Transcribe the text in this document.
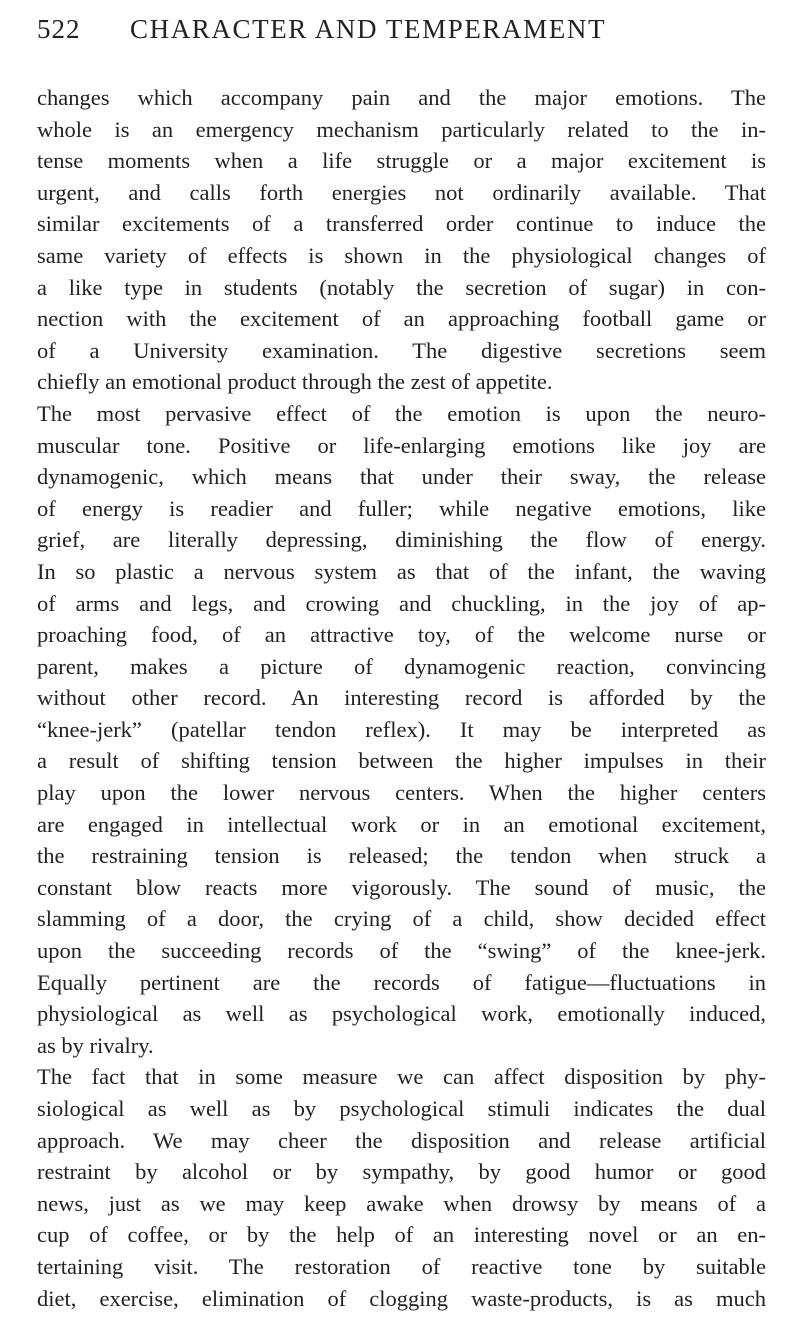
522 CHARACTER AND TEMPERAMENT
changes which accompany pain and the major emotions. The
whole is an emergency mechanism particularly related to the in-
tense moments when a life struggle or a major excitement is
urgent, and calls forth energies not ordinarily available. That
similar excitements of a transferred order continue to induce the
same variety of effects is shown in the physiological changes of
a like type in students (notably the secretion of sugar) in con-
nection with the excitement of an approaching football game or
of a University examination. The digestive secretions seem
chiefly an emotional product through the zest of appetite.
The most pervasive effect of the emotion is upon the neuro-
muscular tone. Positive or life-enlarging emotions like joy are
dynamogenic, which means that under their sway, the release
of energy is readier and fuller; while negative emotions, like
grief, are literally depressing, diminishing the flow of energy.
In so plastic a nervous system as that of the infant, the waving
of arms and legs, and crowing and chuckling, in the joy of ap-
proaching food, of an attractive toy, of the welcome nurse or
parent, makes a picture of dynamogenic reaction, convincing
without other record. An interesting record is afforded by the
“knee-jerk” (patellar tendon reflex). It may be interpreted as
a result of shifting tension between the higher impulses in their
play upon the lower nervous centers. When the higher centers
are engaged in intellectual work or in an emotional excitement,
the restraining tension is released; the tendon when struck a
constant blow reacts more vigorously. The sound of music, the
slamming of a door, the crying of a child, show decided effect
upon the succeeding records of the “swing” of the knee-jerk.
Equally pertinent are the records of fatigue—fluctuations in
physiological as well as psychological work, emotionally induced,
as by rivalry.
The fact that in some measure we can affect disposition by phy-
siological as well as by psychological stimuli indicates the dual
approach. We may cheer the disposition and release artificial
restraint by alcohol or by sympathy, by good humor or good
news, just as we may keep awake when drowsy by means of a
cup of coffee, or by the help of an interesting novel or an en-
tertaining visit. The restoration of reactive tone by suitable
diet, exercise, elimination of clogging waste-products, is as much
